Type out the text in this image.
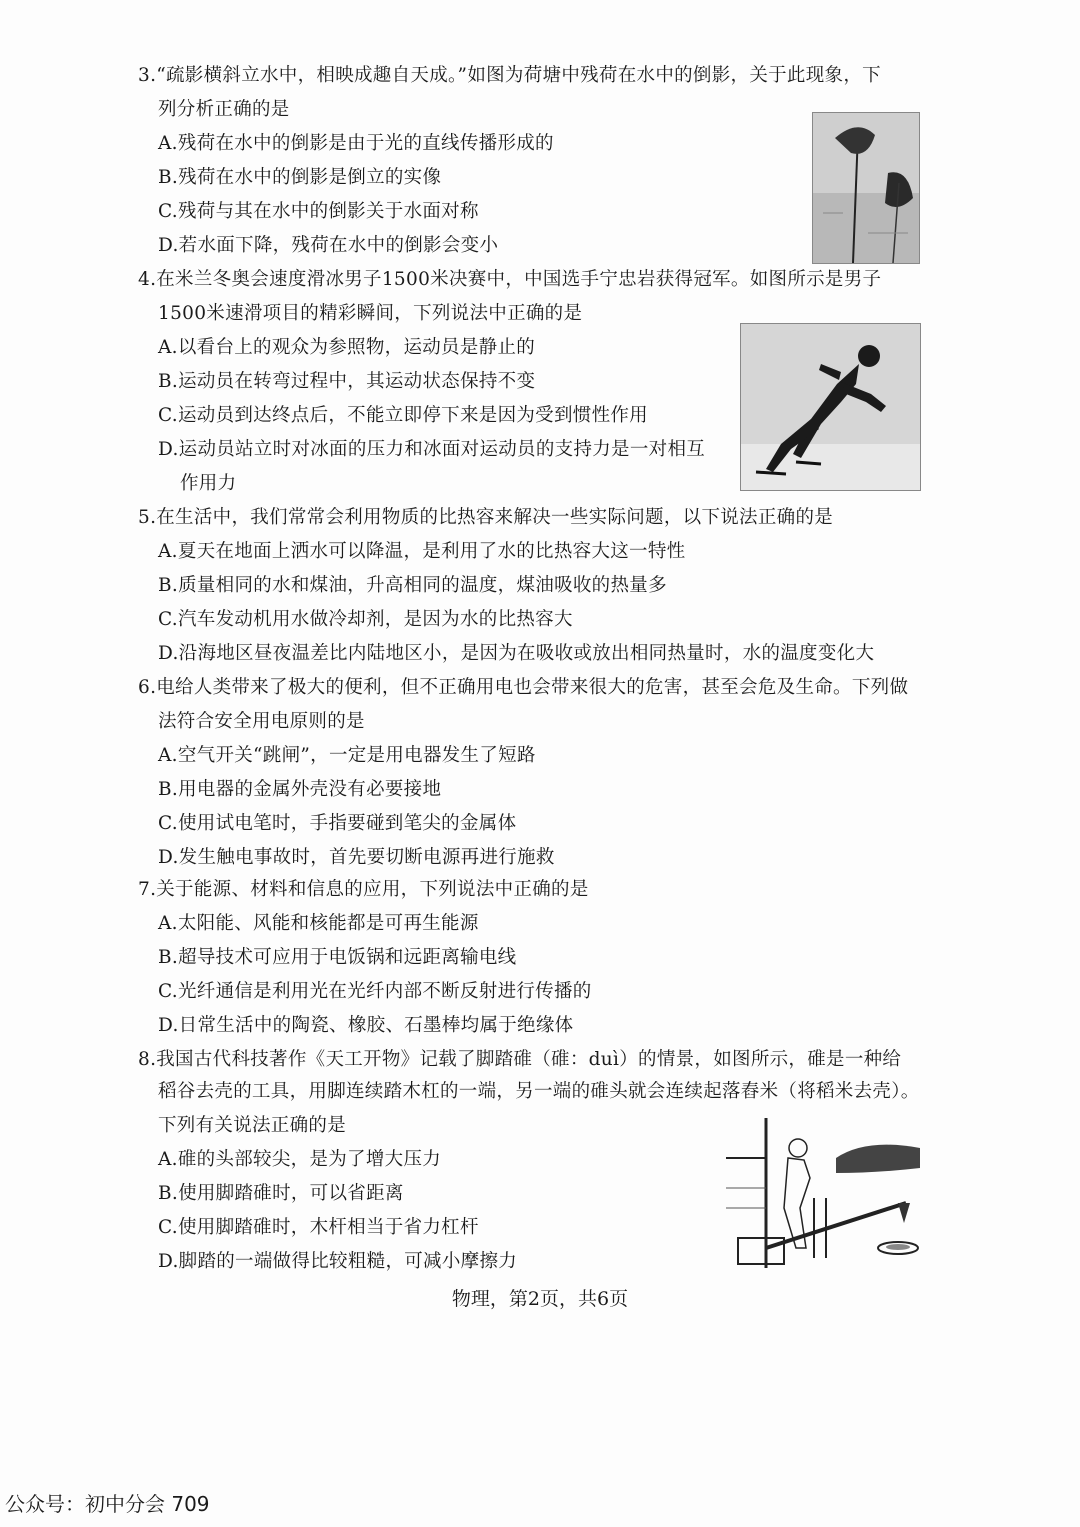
3.“疏影横斜立水中，相映成趣自天成。”如图为荷塘中残荷在水中的倒影，关于此现象，下
列分析正确的是
A.残荷在水中的倒影是由于光的直线传播形成的
B.残荷在水中的倒影是倒立的实像
C.残荷与其在水中的倒影关于水面对称
D.若水面下降，残荷在水中的倒影会变小
4.在米兰冬奥会速度滑冰男子1500米决赛中，中国选手宁忠岩获得冠军。如图所示是男子
1500米速滑项目的精彩瞬间，下列说法中正确的是
A.以看台上的观众为参照物，运动员是静止的
B.运动员在转弯过程中，其运动状态保持不变
C.运动员到达终点后，不能立即停下来是因为受到惯性作用
D.运动员站立时对冰面的压力和冰面对运动员的支持力是一对相互
作用力
5.在生活中，我们常常会利用物质的比热容来解决一些实际问题，以下说法正确的是
A.夏天在地面上洒水可以降温，是利用了水的比热容大这一特性
B.质量相同的水和煤油，升高相同的温度，煤油吸收的热量多
C.汽车发动机用水做冷却剂，是因为水的比热容大
D.沿海地区昼夜温差比内陆地区小，是因为在吸收或放出相同热量时，水的温度变化大
6.电给人类带来了极大的便利，但不正确用电也会带来很大的危害，甚至会危及生命。下列做
法符合安全用电原则的是
A.空气开关“跳闸”，一定是用电器发生了短路
B.用电器的金属外壳没有必要接地
C.使用试电笔时，手指要碰到笔尖的金属体
D.发生触电事故时，首先要切断电源再进行施救
7.关于能源、材料和信息的应用，下列说法中正确的是
A.太阳能、风能和核能都是可再生能源
B.超导技术可应用于电饭锅和远距离输电线
C.光纤通信是利用光在光纤内部不断反射进行传播的
D.日常生活中的陶瓷、橡胶、石墨棒均属于绝缘体
8.我国古代科技著作《天工开物》记载了脚踏碓（碓：duì）的情景，如图所示，碓是一种给
稻谷去壳的工具，用脚连续踏木杠的一端，另一端的碓头就会连续起落舂米（将稻米去壳）。
下列有关说法正确的是
A.碓的头部较尖，是为了增大压力
B.使用脚踏碓时，可以省距离
C.使用脚踏碓时，木杆相当于省力杠杆
D.脚踏的一端做得比较粗糙，可减小摩擦力
物理，第2页，共6页
公众号：初中分会 709
